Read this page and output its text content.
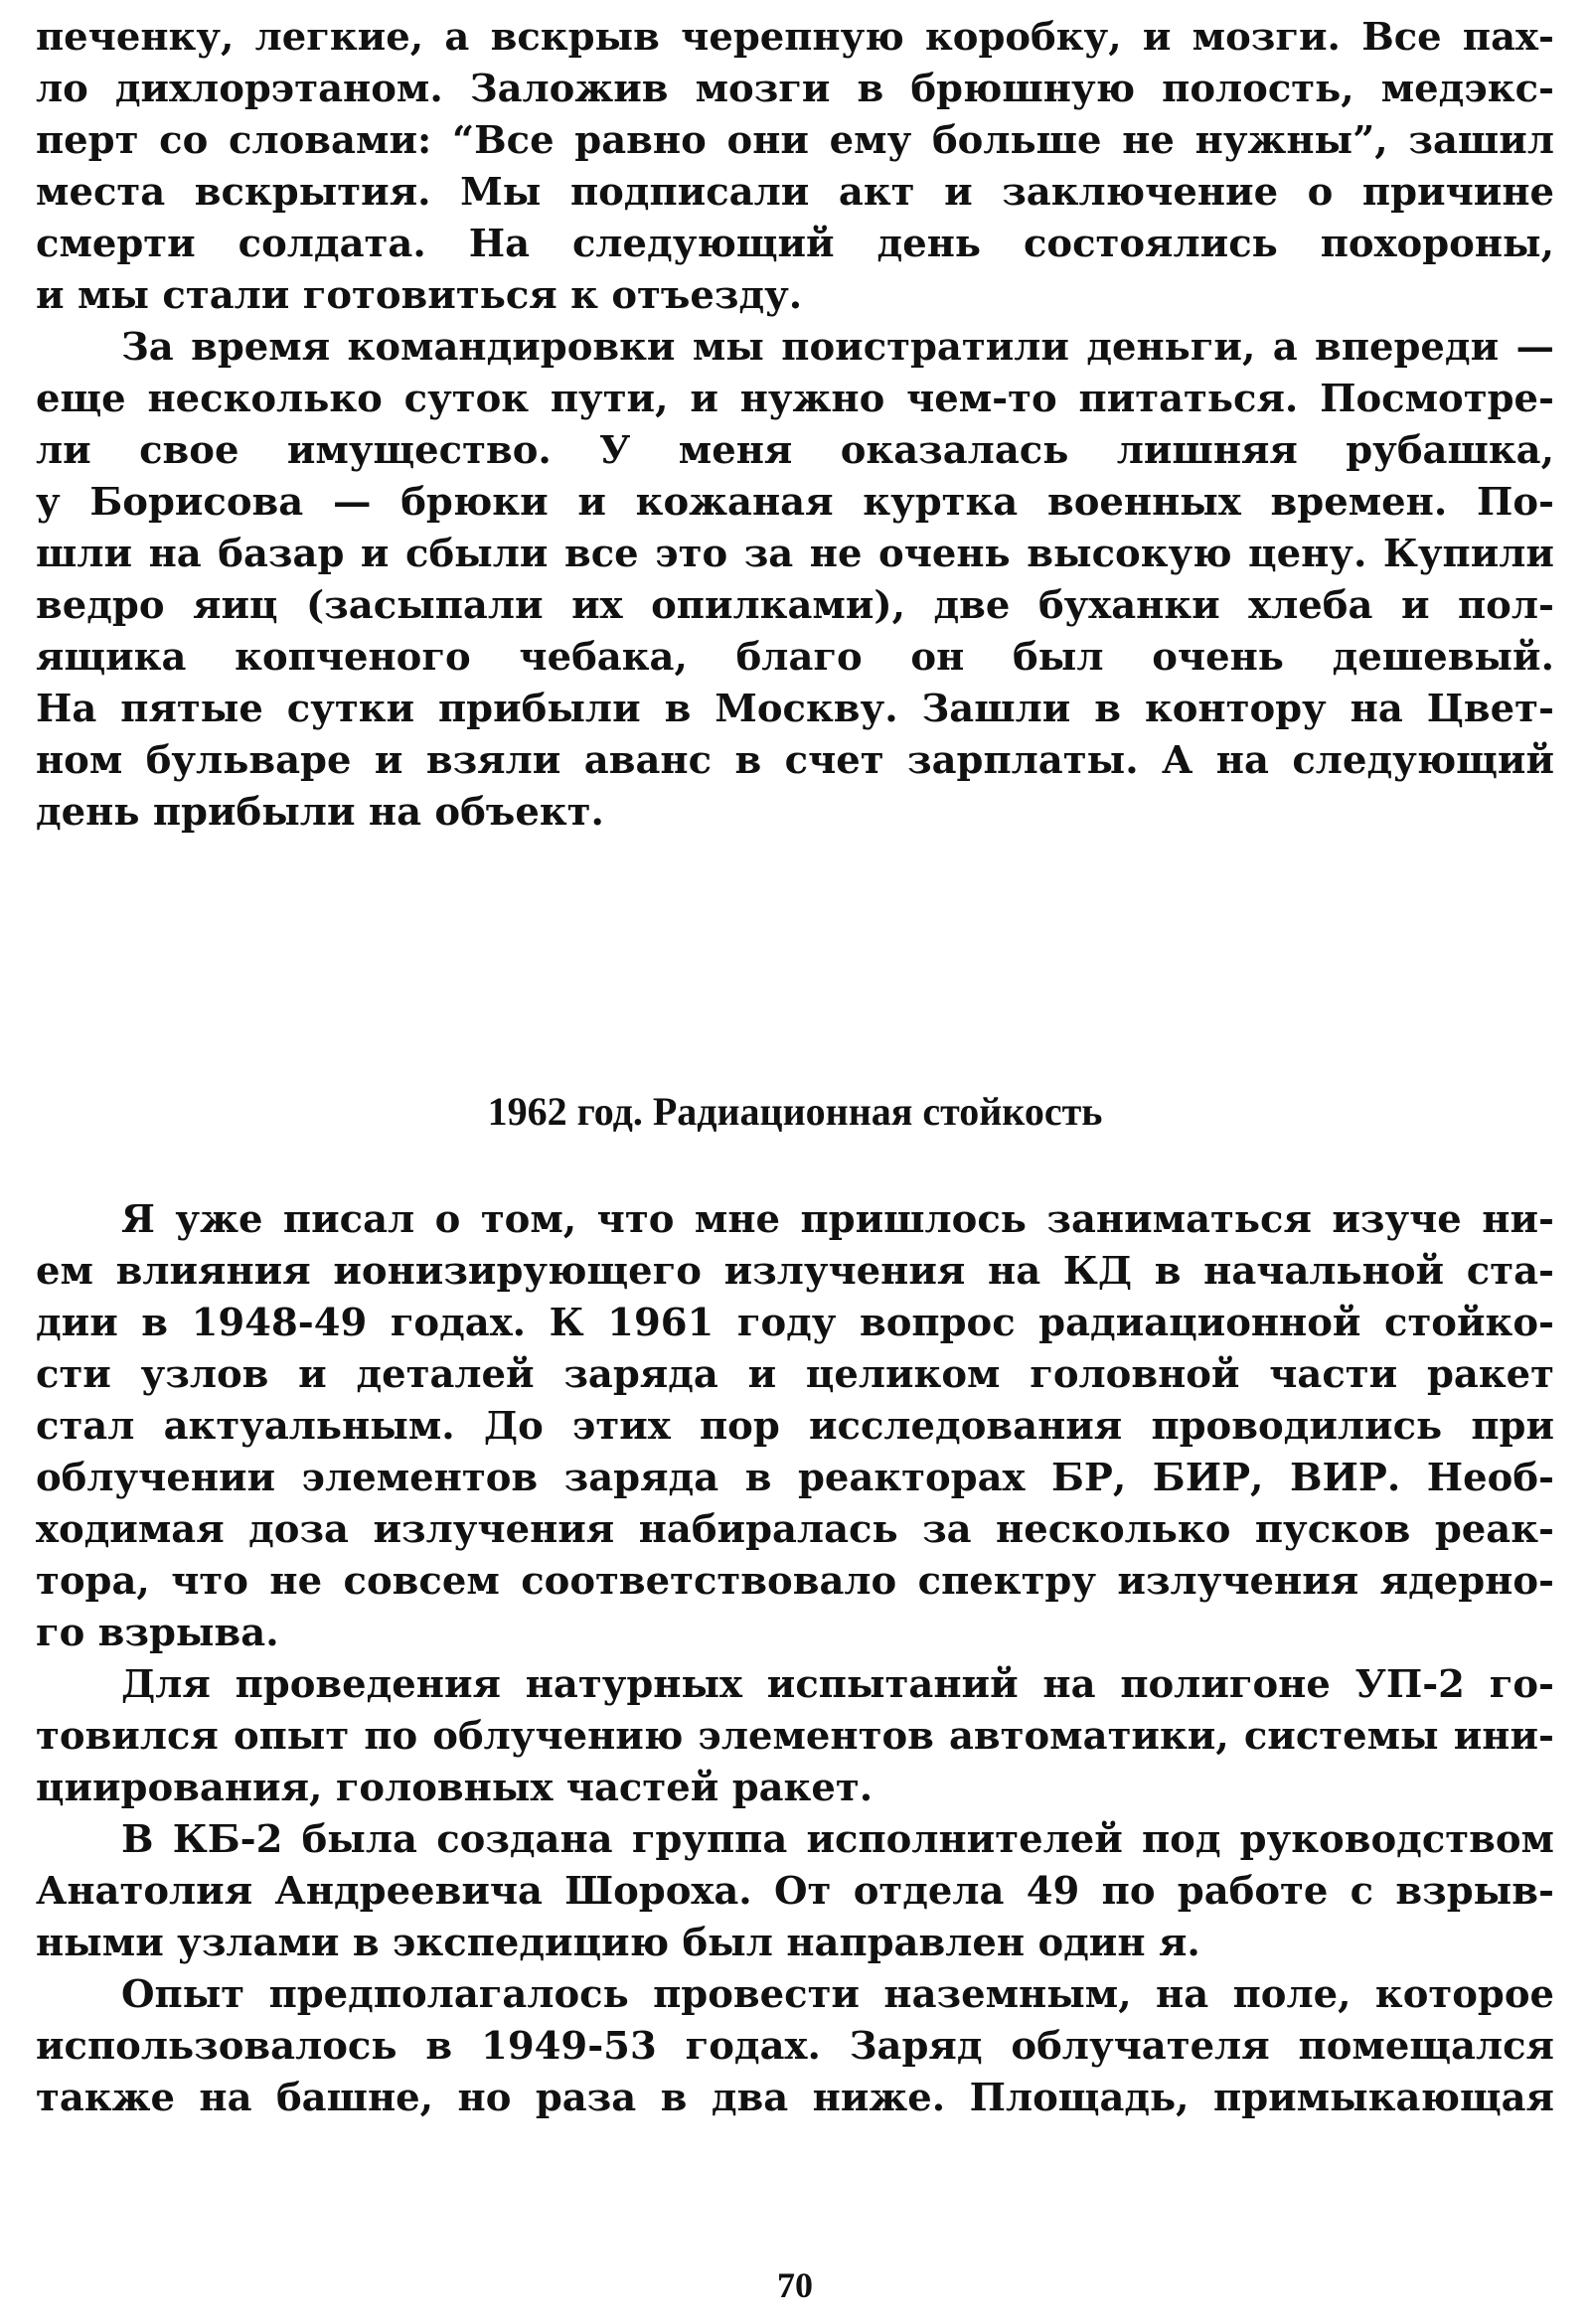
печенку, легкие, а вскрыв черепную коробку, и мозги. Все пах-
ло дихлорэтаном. Заложив мозги в брюшную полость, медэкс-
перт со словами: “Все равно они ему больше не нужны”, зашил
места вскрытия. Мы подписали акт и заключение о причине
смерти солдата. На следующий день состоялись похороны,
и мы стали готовиться к отъезду.
За время командировки мы поистратили деньги, а впереди —
еще несколько суток пути, и нужно чем-то питаться. Посмотре-
ли свое имущество. У меня оказалась лишняя рубашка,
у Борисова — брюки и кожаная куртка военных времен. По-
шли на базар и сбыли все это за не очень высокую цену. Купили
ведро яиц (засыпали их опилками), две буханки хлеба и пол-
ящика копченого чебака, благо он был очень дешевый.
На пятые сутки прибыли в Москву. Зашли в контору на Цвет-
ном бульваре и взяли аванс в счет зарплаты. А на следующий
день прибыли на объект.
1962 год. Радиационная стойкость
Я уже писал о том, что мне пришлось заниматься изуче ни-
ем влияния ионизирующего излучения на КД в начальной ста-
дии в 1948-49 годах. К 1961 году вопрос радиационной стойко-
сти узлов и деталей заряда и целиком головной части ракет
стал актуальным. До этих пор исследования проводились при
облучении элементов заряда в реакторах БР, БИР, ВИР. Необ-
ходимая доза излучения набиралась за несколько пусков реак-
тора, что не совсем соответствовало спектру излучения ядерно-
го взрыва.
Для проведения натурных испытаний на полигоне УП-2 го-
товился опыт по облучению элементов автоматики, системы ини-
циирования, головных частей ракет.
В КБ-2 была создана группа исполнителей под руководством
Анатолия Андреевича Шороха. От отдела 49 по работе с взрыв-
ными узлами в экспедицию был направлен один я.
Опыт предполагалось провести наземным, на поле, которое
использовалось в 1949-53 годах. Заряд облучателя помещался
также на башне, но раза в два ниже. Площадь, примыкающая
70
